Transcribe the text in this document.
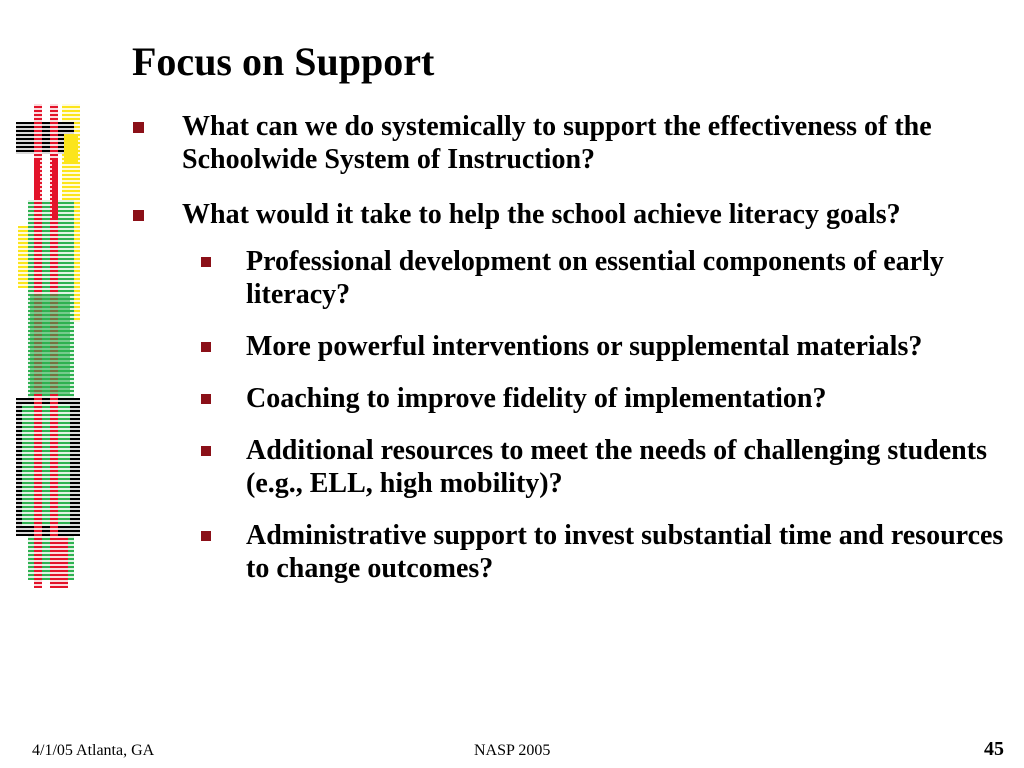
Focus on Support
What can we do systemically to support the effectiveness of the Schoolwide System of Instruction?
What would it take to help the school achieve literacy goals?
Professional development on essential components of early literacy?
More powerful interventions or supplemental materials?
Coaching to improve fidelity of implementation?
Additional resources to meet the needs of challenging students (e.g., ELL, high mobility)?
Administrative support to invest substantial time and resources to change outcomes?
4/1/05 Atlanta, GA	NASP 2005	45
